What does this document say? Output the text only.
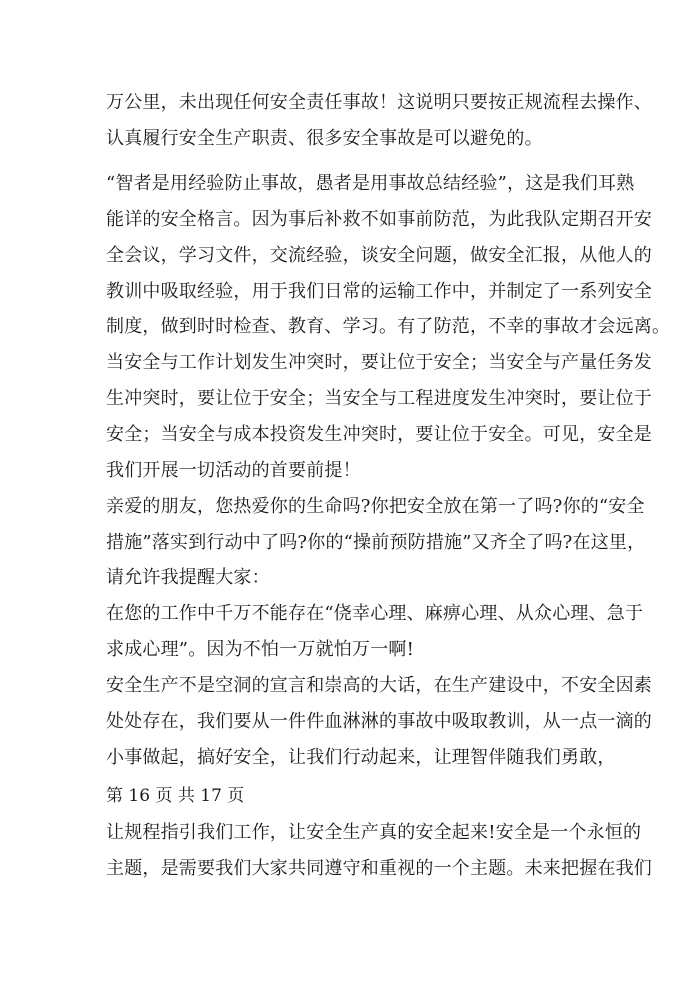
万公里，未出现任何安全责任事故！这说明只要按正规流程去操作、
认真履行安全生产职责、很多安全事故是可以避免的。
“智者是用经验防止事故，愚者是用事故总结经验”，这是我们耳熟
能详的安全格言。因为事后补救不如事前防范，为此我队定期召开安
全会议，学习文件，交流经验，谈安全问题，做安全汇报，从他人的
教训中吸取经验，用于我们日常的运输工作中，并制定了一系列安全
制度，做到时时检查、教育、学习。有了防范，不幸的事故才会远离。
当安全与工作计划发生冲突时，要让位于安全；当安全与产量任务发
生冲突时，要让位于安全；当安全与工程进度发生冲突时，要让位于
安全；当安全与成本投资发生冲突时，要让位于安全。可见，安全是
我们开展一切活动的首要前提！
亲爱的朋友，您热爱你的生命吗?你把安全放在第一了吗?你的“安全
措施”落实到行动中了吗?你的“操前预防措施”又齐全了吗?在这里，
请允许我提醒大家：
在您的工作中千万不能存在“侥幸心理、麻痹心理、从众心理、急于
求成心理”。因为不怕一万就怕万一啊!
安全生产不是空洞的宣言和崇高的大话，在生产建设中，不安全因素
处处存在，我们要从一件件血淋淋的事故中吸取教训，从一点一滴的
小事做起，搞好安全，让我们行动起来，让理智伴随我们勇敢，
第 16 页 共 17 页
让规程指引我们工作，让安全生产真的安全起来!安全是一个永恒的
主题，是需要我们大家共同遵守和重视的一个主题。未来把握在我们
